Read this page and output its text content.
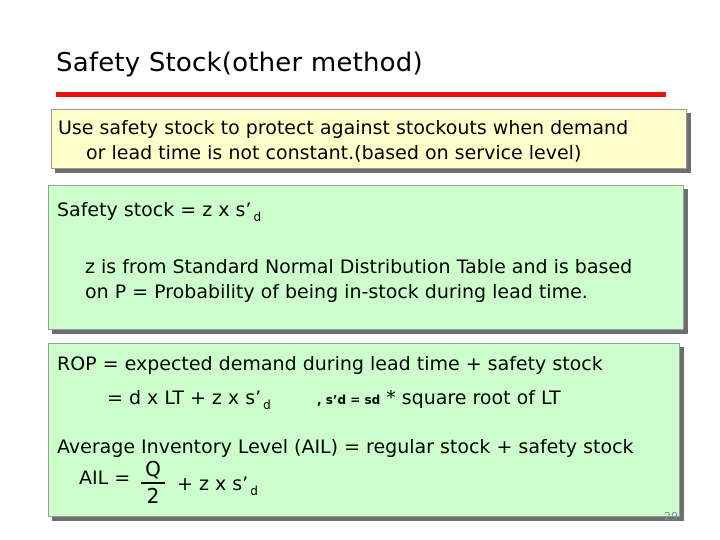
Safety Stock(other method)
Use safety stock to protect against stockouts when demand
or lead time is not constant.(based on service level)
Safety stock = z x s’ $_d$
z is from Standard Normal Distribution Table and is based
on P = Probability of being in-stock during lead time.
ROP = expected demand during lead time + safety stock
= d x LT + z x s’ $_d$	, s’d = sd * square root of LT
Average Inventory Level (AIL) = regular stock + safety stock
AIL = Q
2 + z x s’ $_d$
29
